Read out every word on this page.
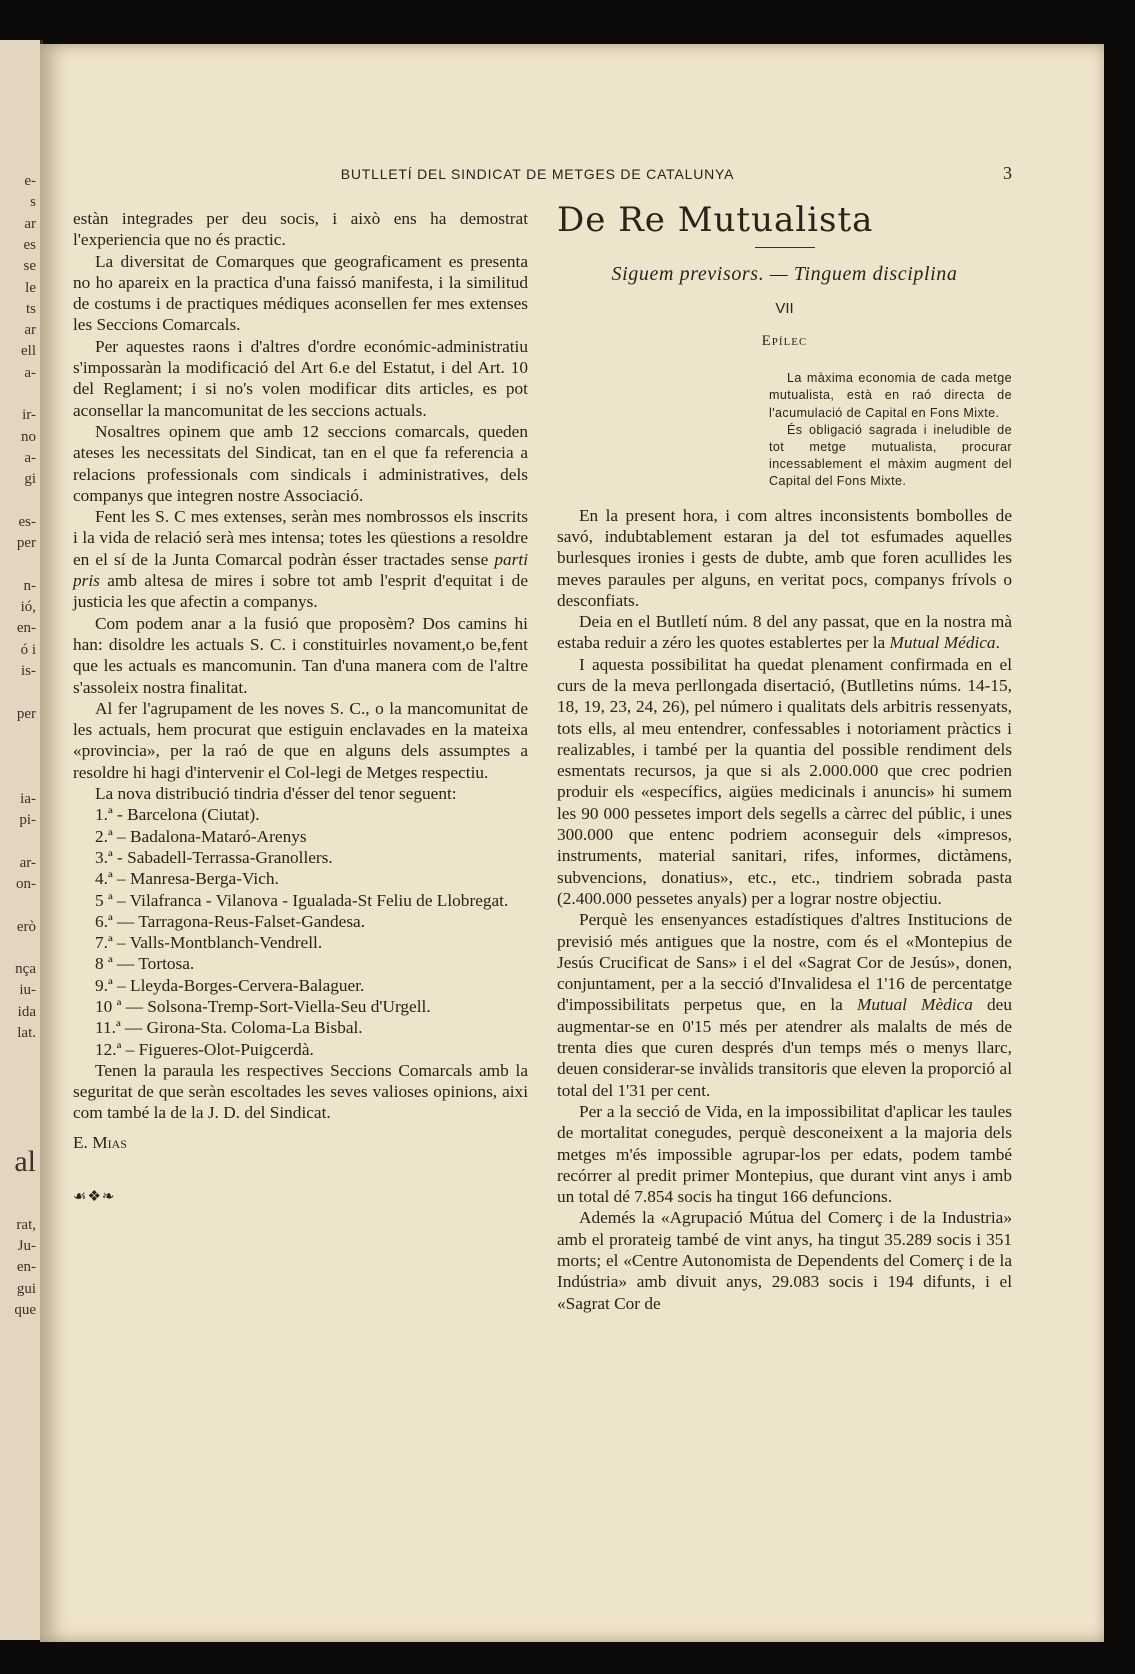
e-
s
ar
es
se
le
ts
ar
ell
a-
ir-
no
a-
gi
es-
per
n-
ió,
en-
ó i
is-
per
ia-
pi-
ar-
on-
erò
nça
iu-
ida
lat.
al
rat,
Ju-
en-
gui
que
BUTLLETÍ DEL SINDICAT DE METGES DE CATALUNYA	3

estàn integrades per deu socis, i això ens ha demostrat l'experiencia que no és practic.

La diversitat de Comarques que geograficament es presenta no ho apareix en la practica d'una faissó manifesta, i la similitud de costums i de practiques médiques aconsellen fer mes extenses les Seccions Comarcals.

Per aquestes raons i d'altres d'ordre económic-administratiu s'impossaràn la modificació del Art 6.e del Estatut, i del Art. 10 del Reglament; i si no's volen modificar dits articles, es pot aconsellar la mancomunitat de les seccions actuals.

Nosaltres opinem que amb 12 seccions comarcals, queden ateses les necessitats del Sindicat, tan en el que fa referencia a relacions professionals com sindicals i administratives, dels companys que integren nostre Associació.

Fent les S. C mes extenses, seràn mes nombrossos els inscrits i la vida de relació serà mes intensa; totes les qüestions a resoldre en el sí de la Junta Comarcal podràn ésser tractades sense parti pris amb altesa de mires i sobre tot amb l'esprit d'equitat i de justicia les que afectin a companys.

Com podem anar a la fusió que proposèm? Dos camins hi han: disoldre les actuals S. C. i constituirles novament,o be,fent que les actuals es mancomunin. Tan d'una manera com de l'altre s'assoleix nostra finalitat.

Al fer l'agrupament de les noves S. C., o la mancomunitat de les actuals, hem procurat que estiguin enclavades en la mateixa «provincia», per la raó de que en alguns dels assumptes a resoldre hi hagi d'intervenir el Col-legi de Metges respectiu.

La nova distribució tindria d'ésser del tenor seguent:

1.ª - Barcelona (Ciutat).

2.ª – Badalona-Mataró-Arenys

3.ª - Sabadell-Terrassa-Granollers.

4.ª – Manresa-Berga-Vich.

5 ª – Vilafranca - Vilanova - Igualada-St Feliu de Llobregat.

6.ª — Tarragona-Reus-Falset-Gandesa.

7.ª – Valls-Montblanch-Vendrell.

8 ª — Tortosa.

9.ª – Lleyda-Borges-Cervera-Balaguer.

10 ª — Solsona-Tremp-Sort-Viella-Seu d'Urgell.

11.ª — Girona-Sta. Coloma-La Bisbal.

12.ª – Figueres-Olot-Puigcerdà.

Tenen la paraula les respectives Seccions Comarcals amb la seguritat de que seràn escoltades les seves valioses opinions, aixi com també la de la J. D. del Sindicat.

E. Mias

☙❖❧

De Re Mutualista

Siguem previsors. — Tinguem disciplina

VII

Epílec

La màxima economia de cada metge mutualista, està en raó directa de l'acumulació de Capital en Fons Mixte.

És obligació sagrada i ineludible de tot metge mutualista, procurar incessablement el màxim augment del Capital del Fons Mixte.

En la present hora, i com altres inconsistents bombolles de savó, indubtablement estaran ja del tot esfumades aquelles burlesques ironies i gests de dubte, amb que foren acullides les meves paraules per alguns, en veritat pocs, companys frívols o desconfiats.

Deia en el Butlletí núm. 8 del any passat, que en la nostra mà estaba reduir a zéro les quotes establertes per la Mutual Médica.

I aquesta possibilitat ha quedat plenament confirmada en el curs de la meva perllongada disertació, (Butlletins núms. 14-15, 18, 19, 23, 24, 26), pel número i qualitats dels arbitris ressenyats, tots ells, al meu entendrer, confessables i notoriament pràctics i realizables, i també per la quantia del possible rendiment dels esmentats recursos, ja que si als 2.000.000 que crec podrien produir els «específics, aigües medicinals i anuncis» hi sumem les 90 000 pessetes import dels segells a càrrec del públic, i unes 300.000 que entenc podriem aconseguir dels «impresos, instruments, material sanitari, rifes, informes, dictàmens, subvencions, donatius», etc., etc., tindriem sobrada pasta (2.400.000 pessetes anyals) per a lograr nostre objectiu.

Perquè les ensenyances estadístiques d'altres Institucions de previsió més antigues que la nostre, com és el «Montepius de Jesús Crucificat de Sans» i el del «Sagrat Cor de Jesús», donen, conjuntament, per a la secció d'Invalidesa el 1'16 de percentatge d'impossibilitats perpetus que, en la Mutual Mèdica deu augmentar-se en 0'15 més per atendrer als malalts de més de trenta dies que curen després d'un temps més o menys llarc, deuen considerar-se invàlids transitoris que eleven la proporció al total del 1'31 per cent.

Per a la secció de Vida, en la impossibilitat d'aplicar les taules de mortalitat conegudes, perquè desconeixent a la majoria dels metges m'és impossible agrupar-los per edats, podem també recórrer al predit primer Montepius, que durant vint anys i amb un total dé 7.854 socis ha tingut 166 defuncions.

Ademés la «Agrupació Mútua del Comerç i de la Industria» amb el prorateig també de vint anys, ha tingut 35.289 socis i 351 morts; el «Centre Autonomista de Dependents del Comerç i de la Indústria» amb divuit anys, 29.083 socis i 194 difunts, i el «Sagrat Cor de
